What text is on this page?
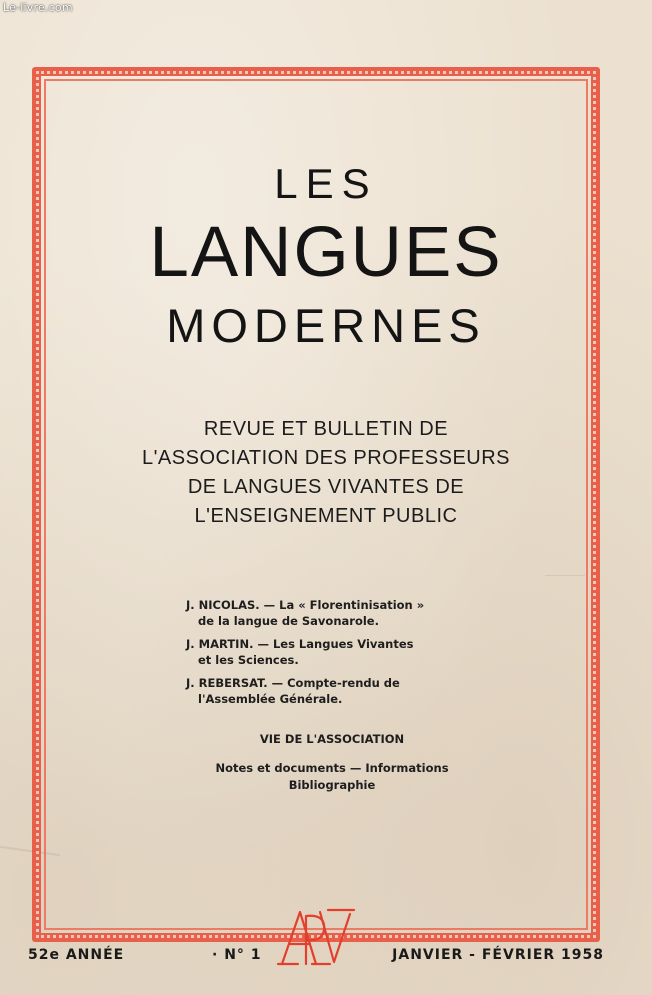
Le-livre.com
LES
LANGUES
MODERNES
REVUE ET BULLETIN DE
L'ASSOCIATION DES PROFESSEURS
DE LANGUES VIVANTES DE
L'ENSEIGNEMENT PUBLIC
J. NICOLAS. — La « Florentinisation »
de la langue de Savonarole.
J. MARTIN. — Les Langues Vivantes
et les Sciences.
J. REBERSAT. — Compte-rendu de
l'Assemblée Générale.
VIE DE L'ASSOCIATION
Notes et documents — Informations
Bibliographie
52e ANNÉE	· N° 1	JANVIER - FÉVRIER 1958
